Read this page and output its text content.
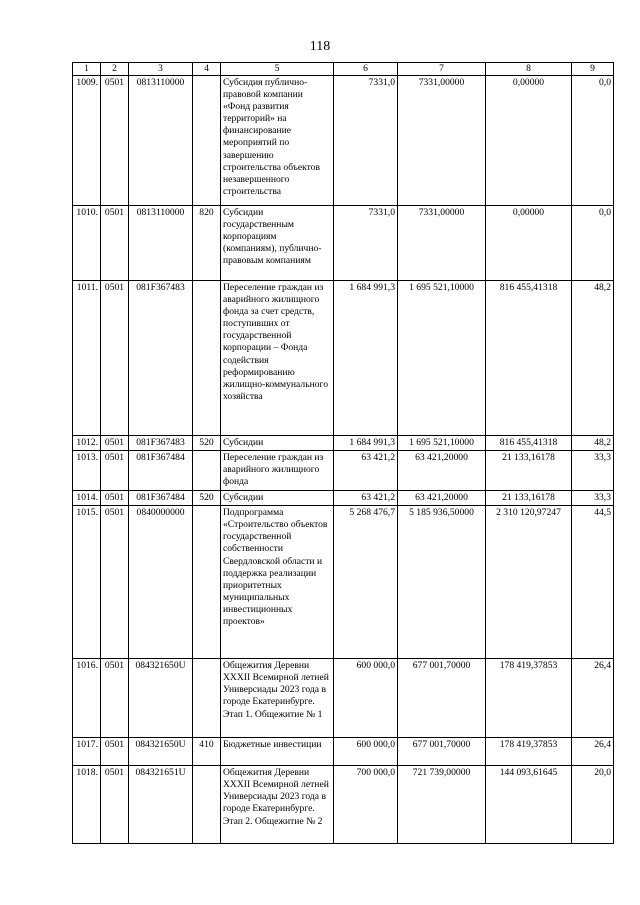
118
1	2	3	4	5	6	7	8	9
1009.	0501	0813110000		Субсидия публично-правовой компании «Фонд развития территорий» на финансирование мероприятий по завершению строительства объектов незавершенного строительства	7331,0	7331,00000	0,00000	0,0
1010.	0501	0813110000	820	Субсидии государственным корпорациям (компаниям), публично-правовым компаниям	7331,0	7331,00000	0,00000	0,0
1011.	0501	081F367483		Переселение граждан из аварийного жилищного фонда за счет средств, поступивших от государственной корпорации – Фонда содействия реформированию жилищно-коммунального хозяйства	1 684 991,3	1 695 521,10000	816 455,41318	48,2
1012.	0501	081F367483	520	Субсидии	1 684 991,3	1 695 521,10000	816 455,41318	48,2
1013.	0501	081F367484		Переселение граждан из аварийного жилищного фонда	63 421,2	63 421,20000	21 133,16178	33,3
1014.	0501	081F367484	520	Субсидии	63 421,2	63 421,20000	21 133,16178	33,3
1015.	0501	0840000000		Подпрограмма «Строительство объектов государственной собственности Свердловской области и поддержка реализации приоритетных муниципальных инвестиционных проектов»	5 268 476,7	5 185 936,50000	2 310 120,97247	44,5
1016.	0501	084321650U		Общежития Деревни XXXII Всемирной летней Универсиады 2023 года в городе Екатеринбурге. Этап 1. Общежитие № 1	600 000,0	677 001,70000	178 419,37853	26,4
1017.	0501	084321650U	410	Бюджетные инвестиции	600 000,0	677 001,70000	178 419,37853	26,4
1018.	0501	084321651U		Общежития Деревни XXXII Всемирной летней Универсиады 2023 года в городе Екатеринбурге. Этап 2. Общежитие № 2	700 000,0	721 739,00000	144 093,61645	20,0
